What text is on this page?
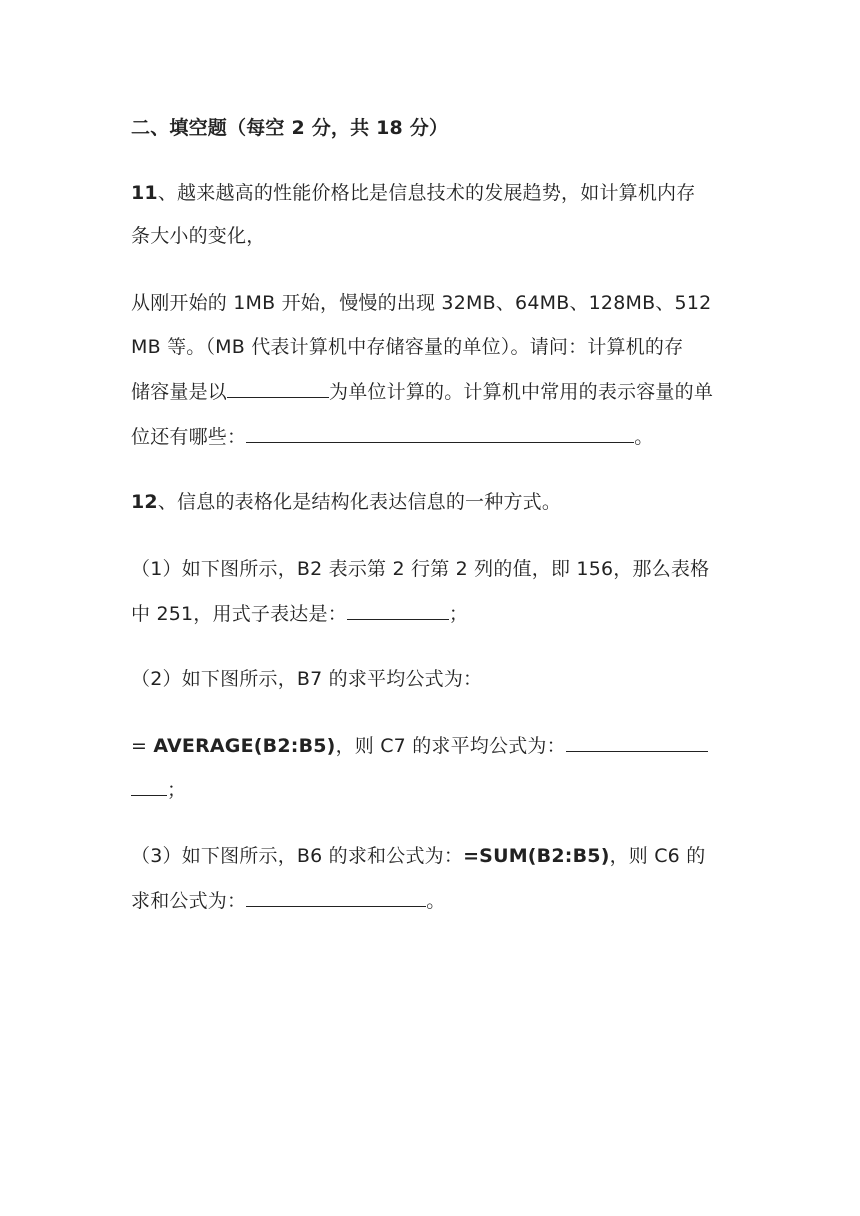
二、填空题（每空 2 分，共 18 分）
11、越来越高的性能价格比是信息技术的发展趋势，如计算机内存
条大小的变化，
从刚开始的 1MB 开始，慢慢的出现 32MB、64MB、128MB、512
MB 等。（MB 代表计算机中存储容量的单位）。请问：计算机的存
储容量是以	为单位计算的。计算机中常用的表示容量的单
位还有哪些：	。
12、信息的表格化是结构化表达信息的一种方式。
（1）如下图所示，B2 表示第 2 行第 2 列的值，即 156，那么表格
中 251，用式子表达是：	；
（2）如下图所示，B7 的求平均公式为：
= AVERAGE(B2:B5)，则 C7 的求平均公式为：
；
（3）如下图所示，B6 的求和公式为：=SUM(B2:B5)，则 C6 的
求和公式为：	。
